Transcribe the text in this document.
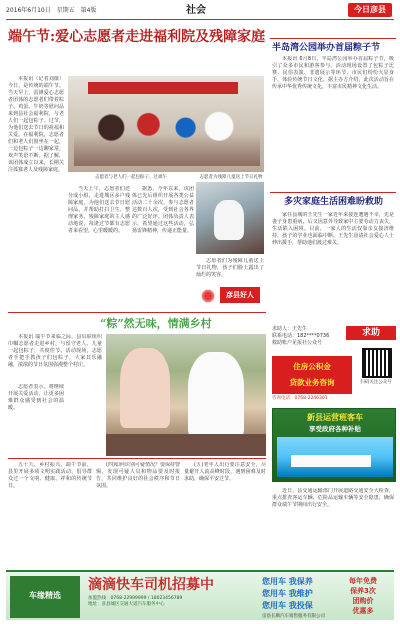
2016年6月10日 星期五 第4版	社会	今日彦县
端午节:爱心志愿者走进福利院及残障家庭

本报讯（记者刘薇）今日，是传统的端午节。当天早上，雷锋爱心志愿者团体的志愿者们带着粽子、鸡蛋、牛奶等慰问品来到县社会福利院，与老人们一起包粽子、过节，为他们送去节日的祝福和关爱。在福利院，志愿者们和老人们围坐在一起，一边包粽子一边聊家常，欢声笑语不断。据了解，该团体成立以来，长期关注孤寡老人及残障家庭。

志愿者表示，将继续开展关爱活动，让更多困难群众感受到社会的温暖。

志愿者与老人们一起包粽子、过端午	志愿者为残障儿童送上节日礼物

当天上午，志愿者们还分成小组，走进城区多户残障家庭，为他们送去节日慰问品，并帮助打扫卫生、整理家务。残障家庭的主人感动地说，每逢过节都有志愿者来看望，心里暖暖的。

据悉，今年以来，该团体已先后组织开展各类公益活动二十余次，参与志愿者达数百人次，受到社会各界的广泛好评。团体负责人表示，希望通过这些活动，弘扬雷锋精神，传递正能量。

志愿者们为残障儿童送上节日礼物，孩子们脸上露出了灿烂的笑容。

彦县好人
“粽”然无味，情满乡村

本报讯 端午节来临之际，县妇联组织巾帼志愿者走进乡村，与留守老人、儿童一起包粽子，共度佳节。活动现场，志愿者手把手教孩子们包粽子，大家其乐融融，浓浓的节日氛围弥漫整个村庄。

五十九、乡村振兴，端午节前，县里开展多项文明实践活动，倡导群众过一个文明、健康、祥和的传统节日。

(四)如何识别可疑情况？要保持警惕，发现可疑人员和物品要及时报告，共同维护良好的社会秩序和节日氛围。

(五)老年人出行要注意安全，尽量避开人流高峰时段，遇到困难及时求助，确保平安过节。

半岛湾公园举办首届粽子节

本报讯 6月8日，半岛湾公园举办首届粽子节，吸引了众多市民和游客参与。活动现场设置了包粽子比赛、民俗表演、非遗展示等环节，市民们纷纷大显身手，体验传统节日文化。据主办方介绍，此次活动旨在传承中华优秀传统文化，丰富市民精神文化生活。

多灾家庭生活困难盼救助

家住县城的王先生一家近年来接连遭遇不幸，先是妻子身患重病，后又因意外导致家中主要劳动力丧失，生活陷入困境。目前，一家人的生活仅靠亲友接济维持，孩子的学业也面临中断。王先生恳请社会爱心人士伸出援手，帮助他们渡过难关。

求助人：王先生
联系电话：182****0736
救助账户见报社公众号
求助
住房公积金
贷款业务咨询	扫码关注公众号
咨询电话：0768-2246301
新县运营班客车
享受政府各种补贴

近日，县交通运输部门开展道路交通安全大检查，重点排查客运车辆、危险品运输车辆等安全隐患，确保群众端午节期间出行安全。

车缘精选
滴滴快车司机招募中
加盟热线：0768-22999999 / 18023456789
地址：彦县城区交通大道汽车服务中心
您用车 我保养
您用车 我维护
您用车 我投保
每年免费
保养3次
团购价
优惠多
彦县长顺汽车销售服务有限公司
